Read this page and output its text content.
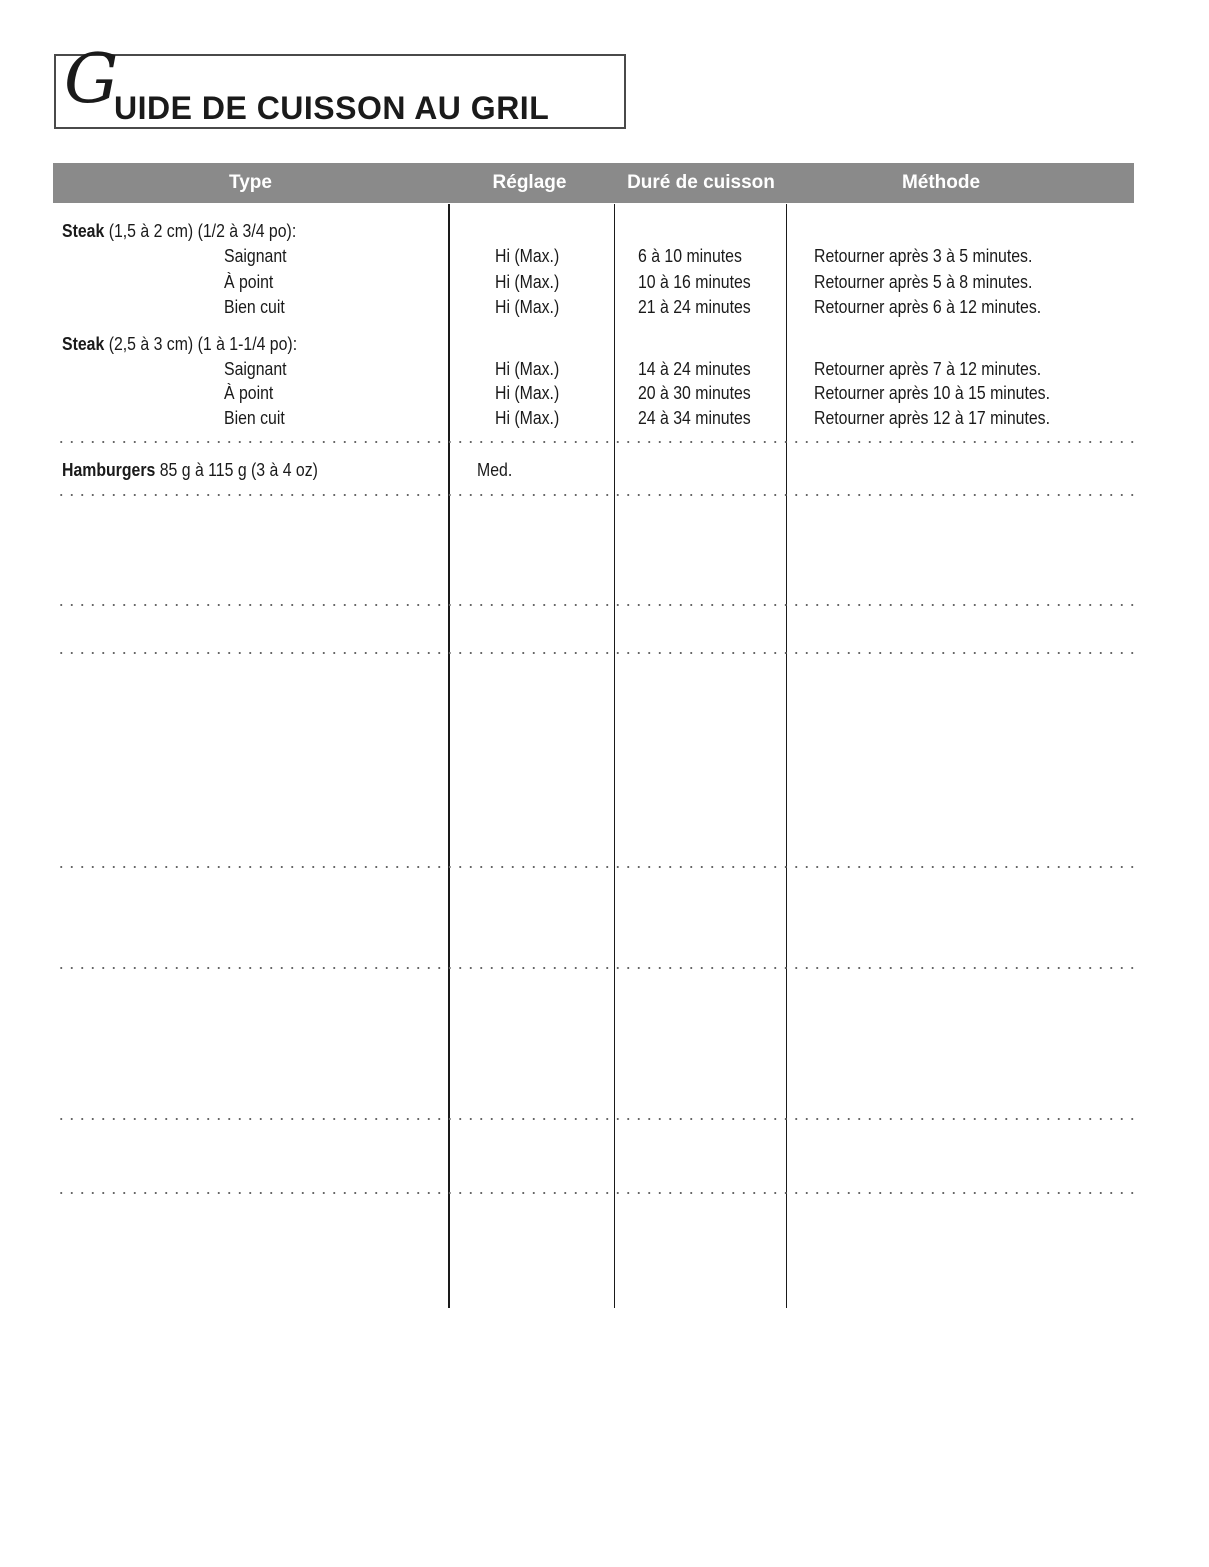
G
UIDE DE CUISSON AU GRIL
Type	Réglage	Duré de cuisson	Méthode
Steak (1,5 à 2 cm) (1/2 à 3/4 po):
Saignant	Hi (Max.)	6 à 10 minutes	Retourner après 3 à 5 minutes.
À point	Hi (Max.)	10 à 16 minutes	Retourner après 5 à 8 minutes.
Bien cuit	Hi (Max.)	21 à 24 minutes	Retourner après 6 à 12 minutes.
Steak (2,5 à 3 cm) (1 à 1-1/4 po):
Saignant	Hi (Max.)	14 à 24 minutes	Retourner après 7 à 12 minutes.
À point	Hi (Max.)	20 à 30 minutes	Retourner après 10 à 15 minutes.
Bien cuit	Hi (Max.)	24 à 34 minutes	Retourner après 12 à 17 minutes.
Hamburgers 85 g à 115 g (3 à 4 oz)	Med.
